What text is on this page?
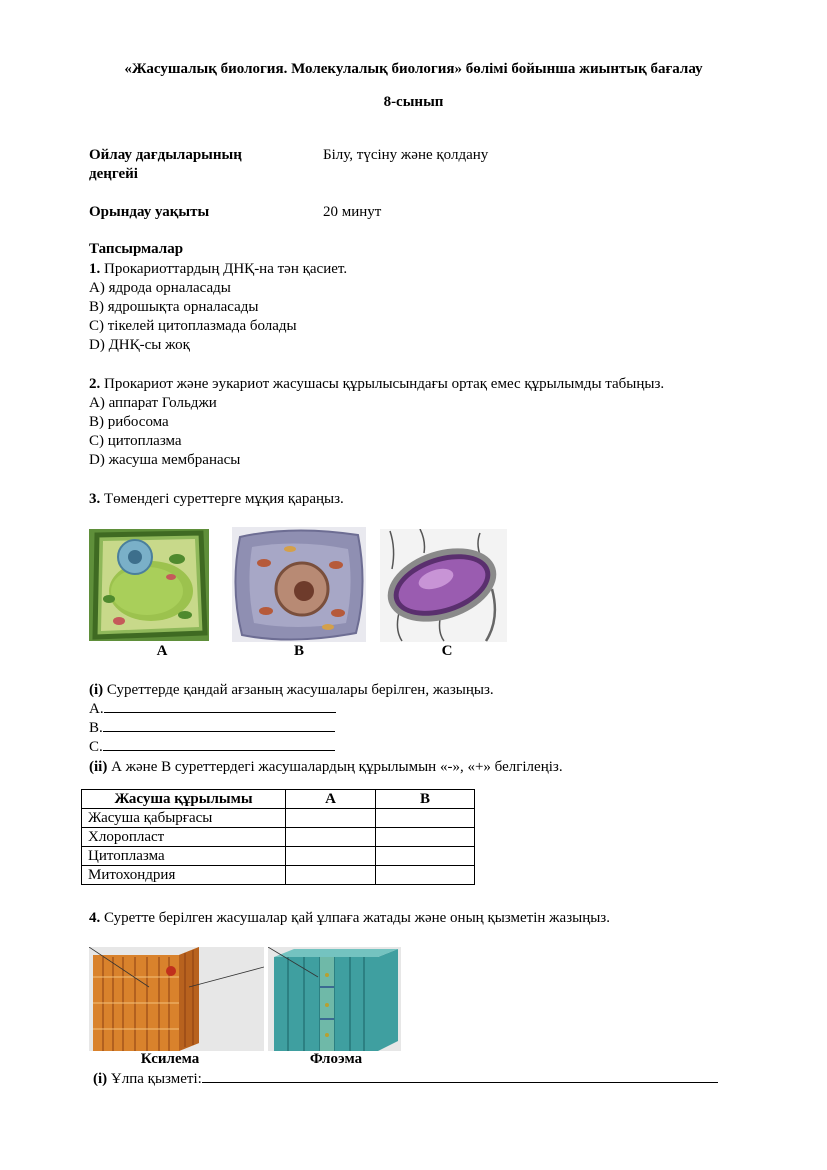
«Жасушалық биология. Молекулалық биология» бөлімі бойынша жиынтық бағалау
8-сынып
Ойлау дағдыларының
деңгейі
Білу, түсіну және қолдану
Орындау уақыты	20 минут
Тапсырмалар
1. Прокариоттардың ДНҚ-на тән қасиет.
A) ядрода орналасады
B) ядрошықта орналасады
C) тікелей цитоплазмада болады
D) ДНҚ-сы жоқ
2. Прокариот және эукариот жасушасы құрылысындағы ортақ емес құрылымды табыңыз.
A) аппарат Гольджи
B) рибосома
C) цитоплазма
D) жасуша мембранасы
3. Төмендегі суреттерге мұқия қараңыз.
A	B	C
(i) Суреттерде қандай ағзаның жасушалары берілген, жазыңыз.
A.
B.
C.
(ii) А және В суреттердегі жасушалардың құрылымын «-», «+» белгілеңіз.
Жасуша құрылымы	A	B
Жасуша қабырғасы		
Хлоропласт		
Цитоплазма		
Митохондрия		
4. Суретте берілген жасушалар қай ұлпаға жатады және оның қызметін жазыңыз.
Ксилема	Флоэма
(i) Ұлпа қызметі:
